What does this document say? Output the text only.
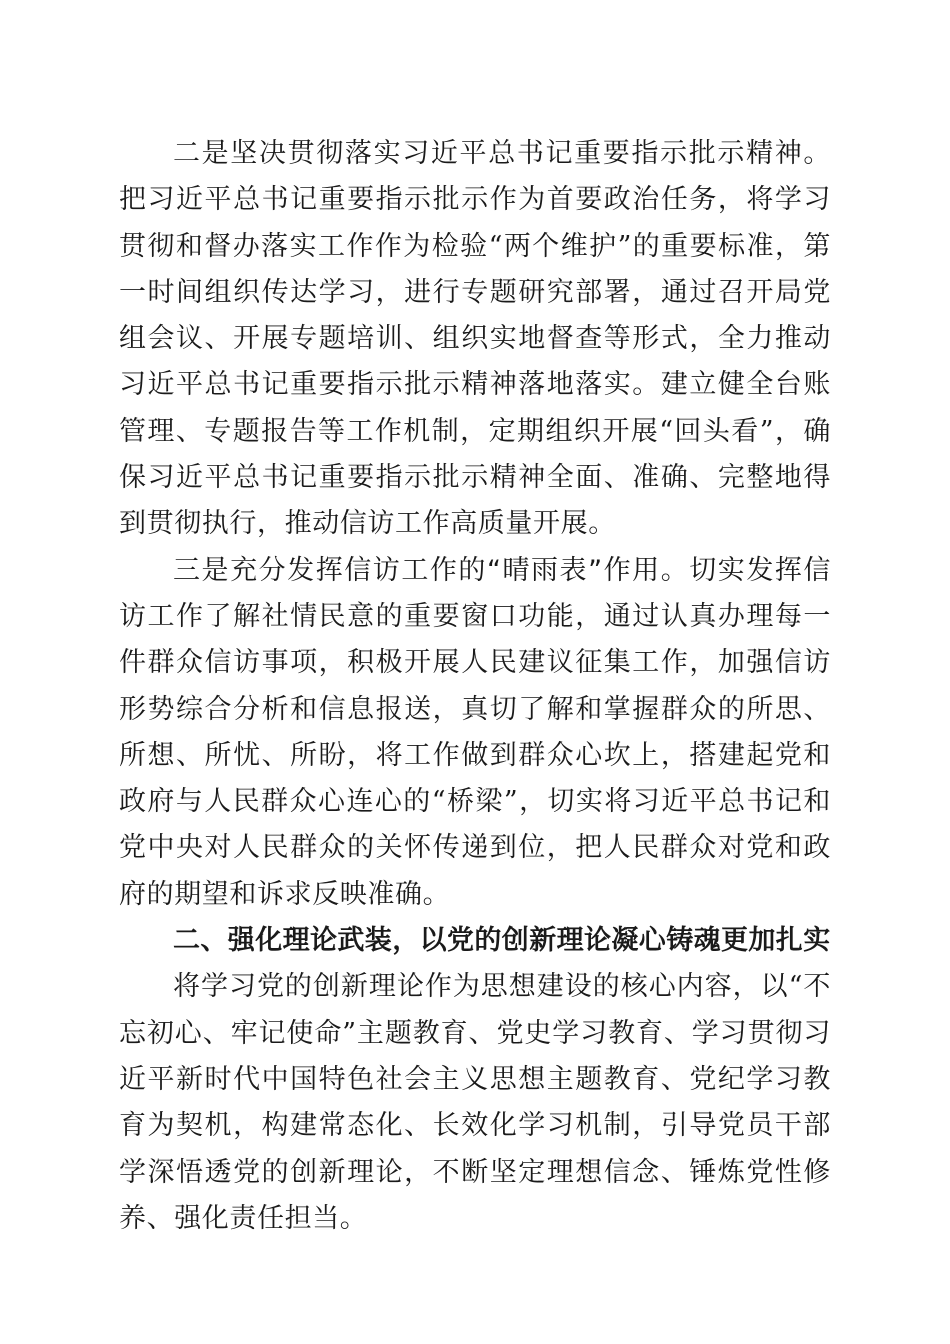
二是坚决贯彻落实习近平总书记重要指示批示精神。把习近平总书记重要指示批示作为首要政治任务，将学习贯彻和督办落实工作作为检验“两个维护”的重要标准，第一时间组织传达学习，进行专题研究部署，通过召开局党组会议、开展专题培训、组织实地督查等形式，全力推动习近平总书记重要指示批示精神落地落实。建立健全台账管理、专题报告等工作机制，定期组织开展“回头看”，确保习近平总书记重要指示批示精神全面、准确、完整地得到贯彻执行，推动信访工作高质量开展。

三是充分发挥信访工作的“晴雨表”作用。切实发挥信访工作了解社情民意的重要窗口功能，通过认真办理每一件群众信访事项，积极开展人民建议征集工作，加强信访形势综合分析和信息报送，真切了解和掌握群众的所思、所想、所忧、所盼，将工作做到群众心坎上，搭建起党和政府与人民群众心连心的“桥梁”，切实将习近平总书记和党中央对人民群众的关怀传递到位，把人民群众对党和政府的期望和诉求反映准确。

二、强化理论武装，以党的创新理论凝心铸魂更加扎实

将学习党的创新理论作为思想建设的核心内容，以“不忘初心、牢记使命”主题教育、党史学习教育、学习贯彻习近平新时代中国特色社会主义思想主题教育、党纪学习教育为契机，构建常态化、长效化学习机制，引导党员干部学深悟透党的创新理论，不断坚定理想信念、锤炼党性修养、强化责任担当。
